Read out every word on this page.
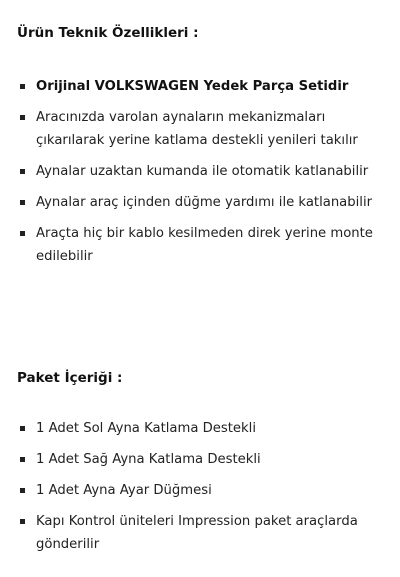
Ürün Teknik Özellikleri :
Orijinal VOLKSWAGEN Yedek Parça Setidir
Aracınızda varolan aynaların mekanizmaları çıkarılarak yerine katlama destekli yenileri takılır
Aynalar uzaktan kumanda ile otomatik katlanabilir
Aynalar araç içinden düğme yardımı ile katlanabilir
Araçta hiç bir kablo kesilmeden direk yerine monte edilebilir
Paket İçeriği :
1 Adet Sol Ayna Katlama Destekli
1 Adet Sağ Ayna Katlama Destekli
1 Adet Ayna Ayar Düğmesi
Kapı Kontrol üniteleri Impression paket araçlarda gönderilir
